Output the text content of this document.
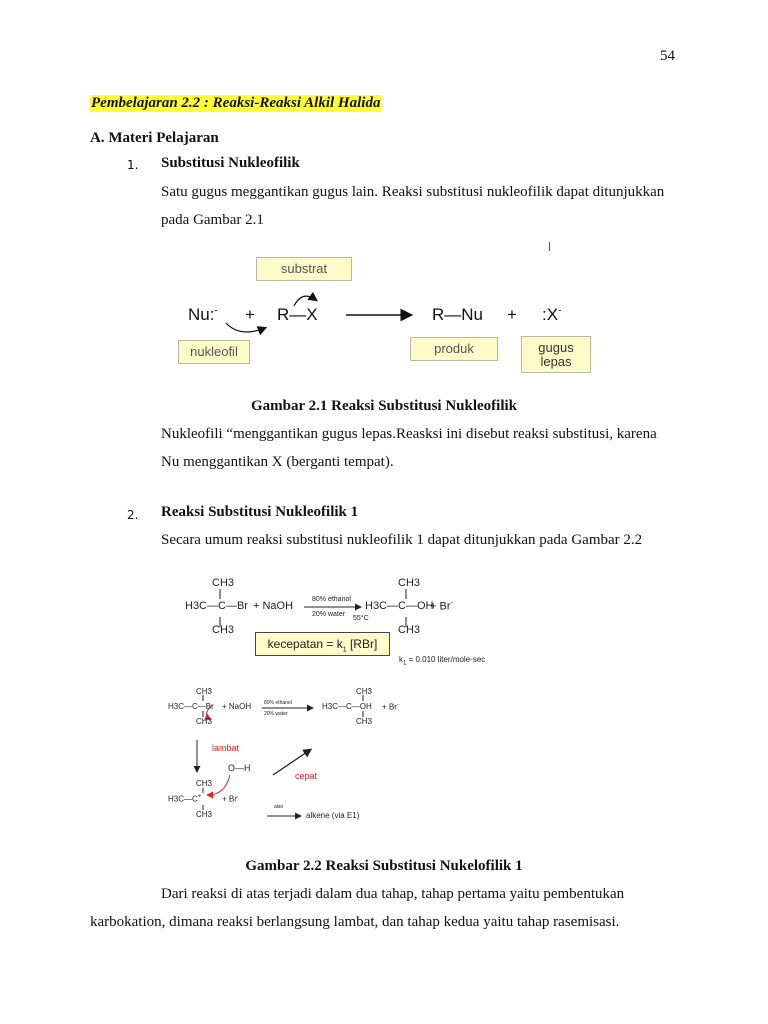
54
Pembelajaran 2.2 : Reaksi-Reaksi Alkil Halida
A. Materi Pelajaran
1. Substitusi Nukleofilik
Satu gugus meggantikan gugus lain. Reaksi substitusi nukleofilik dapat ditunjukkan
pada Gambar 2.1
substrat
Nu:- + R—X	R—Nu + :X-
nukleofil	produk	gugus lepas
Gambar 2.1 Reaksi Substitusi Nukleofilik
Nukleofili “menggantikan gugus lepas.Reasksi ini disebut reaksi substitusi, karena
Nu menggantikan X (berganti tempat).
2. Reaksi Substitusi Nukleofilik 1
Secara umum reaksi substitusi nukleofilik 1 dapat ditunjukkan pada Gambar 2.2
CH3
H3C—C—Br + NaOH
CH3
80% ethanol
20% water
55°C
CH3
H3C—C—OH
+ Br-
CH3
kecepatan = $k_1$ [RBr]
$k_1 = 0.010$ liter/mole-sec
CH3
H3C—C—Br + NaOH
CH3
80% ethanol
20% water
CH3
H3C—C—OH + Br-
CH3
lambat
O—H
cepat
CH3
H3C—C+	+ Br-
CH3
also
alkene (via E1)
Gambar 2.2 Reaksi Substitusi Nukelofilik 1
Dari reaksi di atas terjadi dalam dua tahap, tahap pertama yaitu pembentukan
karbokation, dimana reaksi berlangsung lambat, dan tahap kedua yaitu tahap rasemisasi.
